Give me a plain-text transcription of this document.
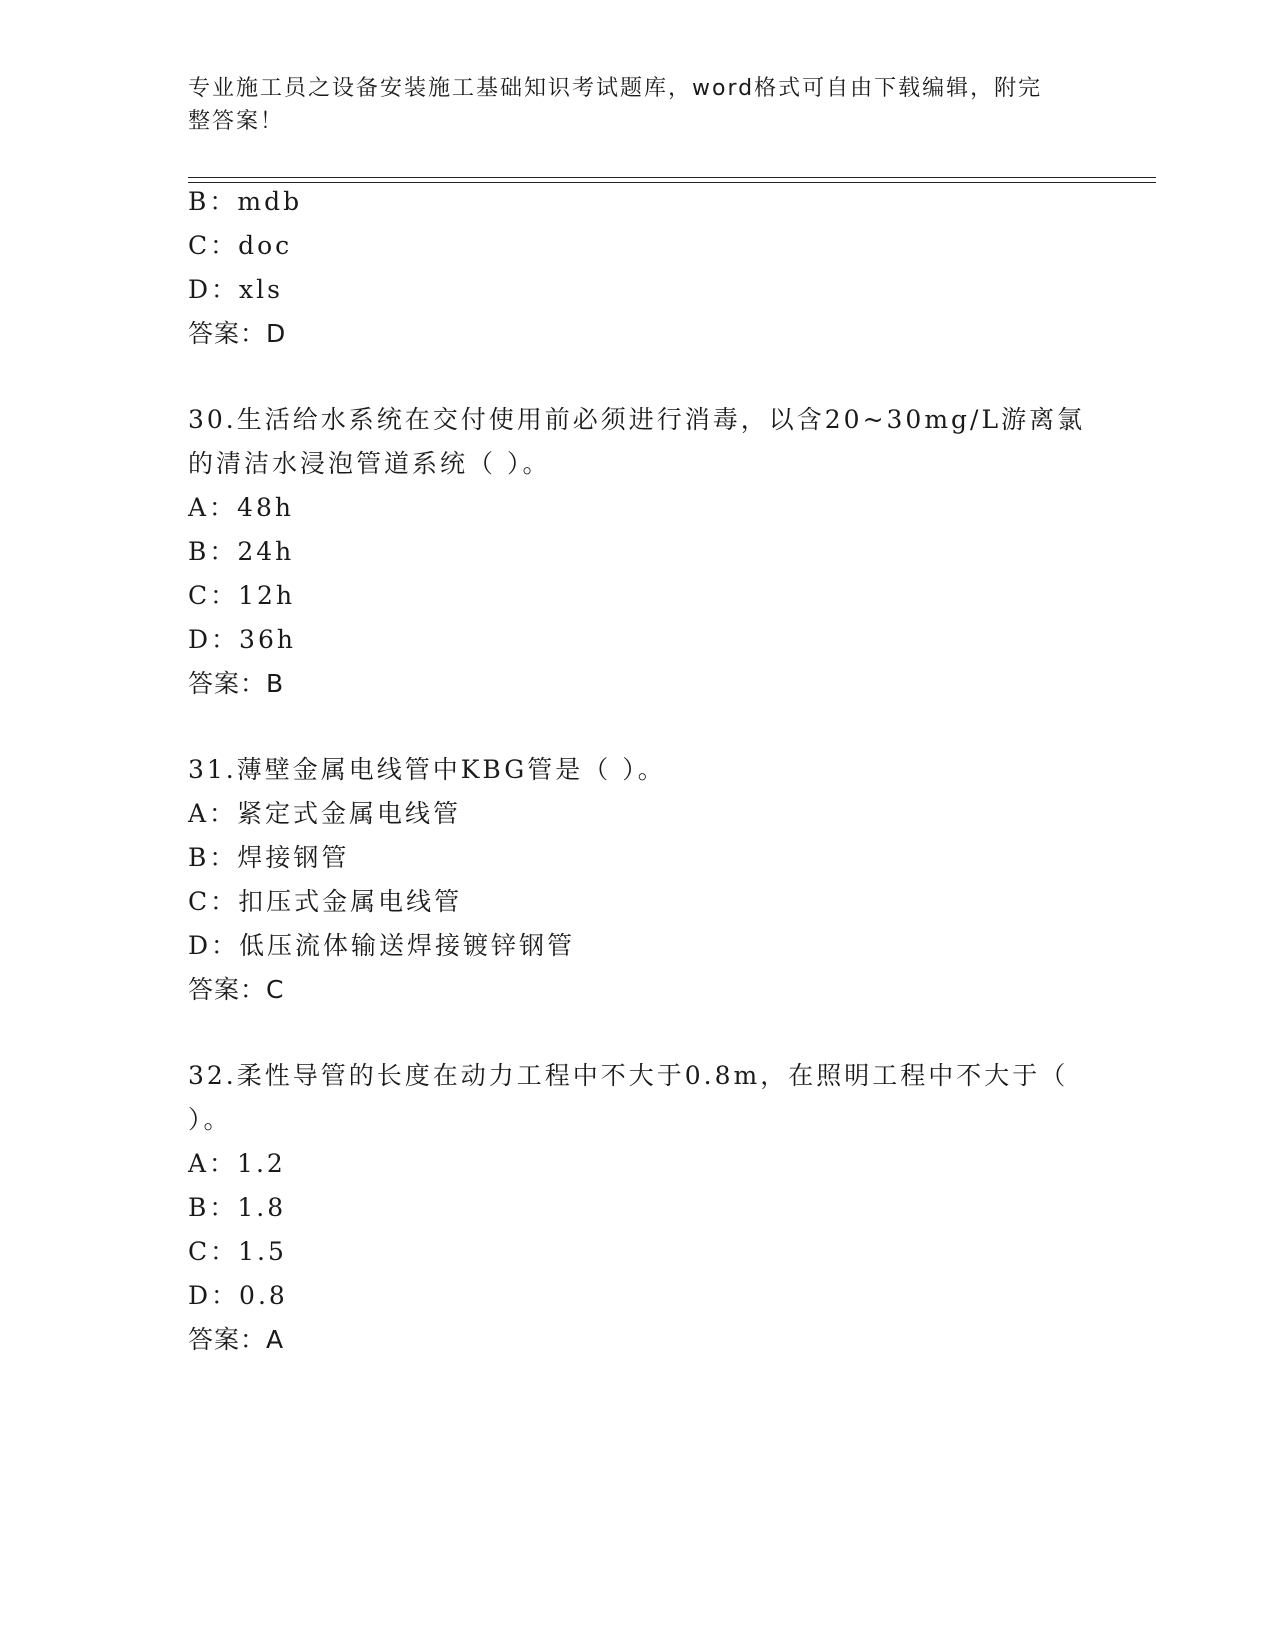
专业施工员之设备安装施工基础知识考试题库，word格式可自由下载编辑，附完
整答案！
B：mdb
C：doc
D：xls
答案：D
30.生活给水系统在交付使用前必须进行消毒，以含20~30mg/L游离氯
的清洁水浸泡管道系统（ ）。
A：48h
B：24h
C：12h
D：36h
答案：B
31.薄壁金属电线管中KBG管是（ ）。
A：紧定式金属电线管
B：焊接钢管
C：扣压式金属电线管
D：低压流体输送焊接镀锌钢管
答案：C
32.柔性导管的长度在动力工程中不大于0.8m，在照明工程中不大于（
）。
A：1.2
B：1.8
C：1.5
D：0.8
答案：A
